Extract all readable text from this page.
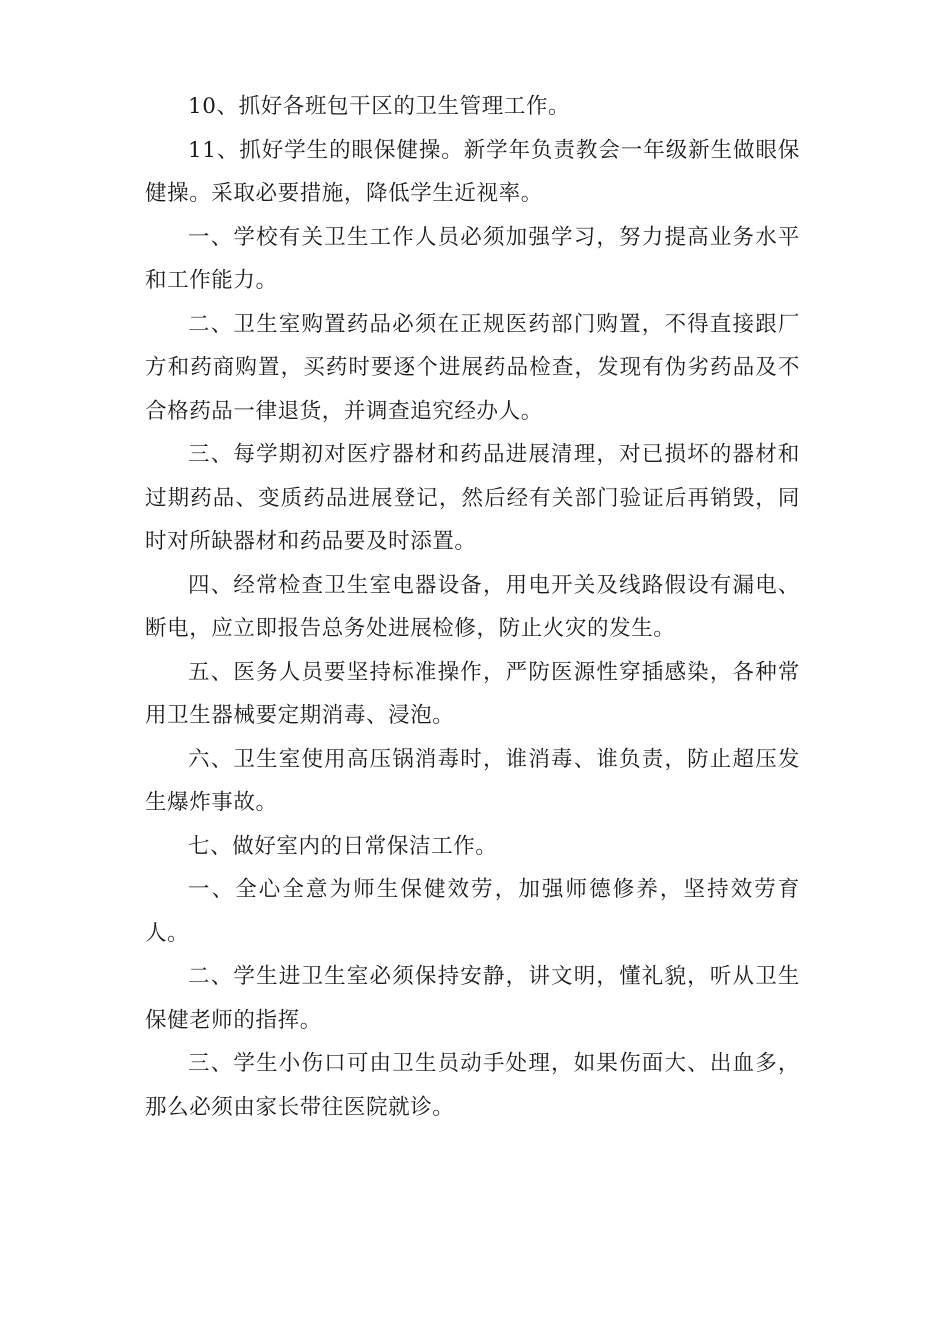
10、抓好各班包干区的卫生管理工作。

11、抓好学生的眼保健操。新学年负责教会一年级新生做眼保健操。采取必要措施，降低学生近视率。

一、学校有关卫生工作人员必须加强学习，努力提高业务水平和工作能力。

二、卫生室购置药品必须在正规医药部门购置，不得直接跟厂方和药商购置，买药时要逐个进展药品检查，发现有伪劣药品及不合格药品一律退货，并调查追究经办人。

三、每学期初对医疗器材和药品进展清理，对已损坏的器材和过期药品、变质药品进展登记，然后经有关部门验证后再销毁，同时对所缺器材和药品要及时添置。

四、经常检查卫生室电器设备，用电开关及线路假设有漏电、断电，应立即报告总务处进展检修，防止火灾的发生。

五、医务人员要坚持标准操作，严防医源性穿插感染，各种常用卫生器械要定期消毒、浸泡。

六、卫生室使用高压锅消毒时，谁消毒、谁负责，防止超压发生爆炸事故。

七、做好室内的日常保洁工作。

一、全心全意为师生保健效劳，加强师德修养，坚持效劳育人。

二、学生进卫生室必须保持安静，讲文明，懂礼貌，听从卫生保健老师的指挥。

三、学生小伤口可由卫生员动手处理，如果伤面大、出血多，那么必须由家长带往医院就诊。
